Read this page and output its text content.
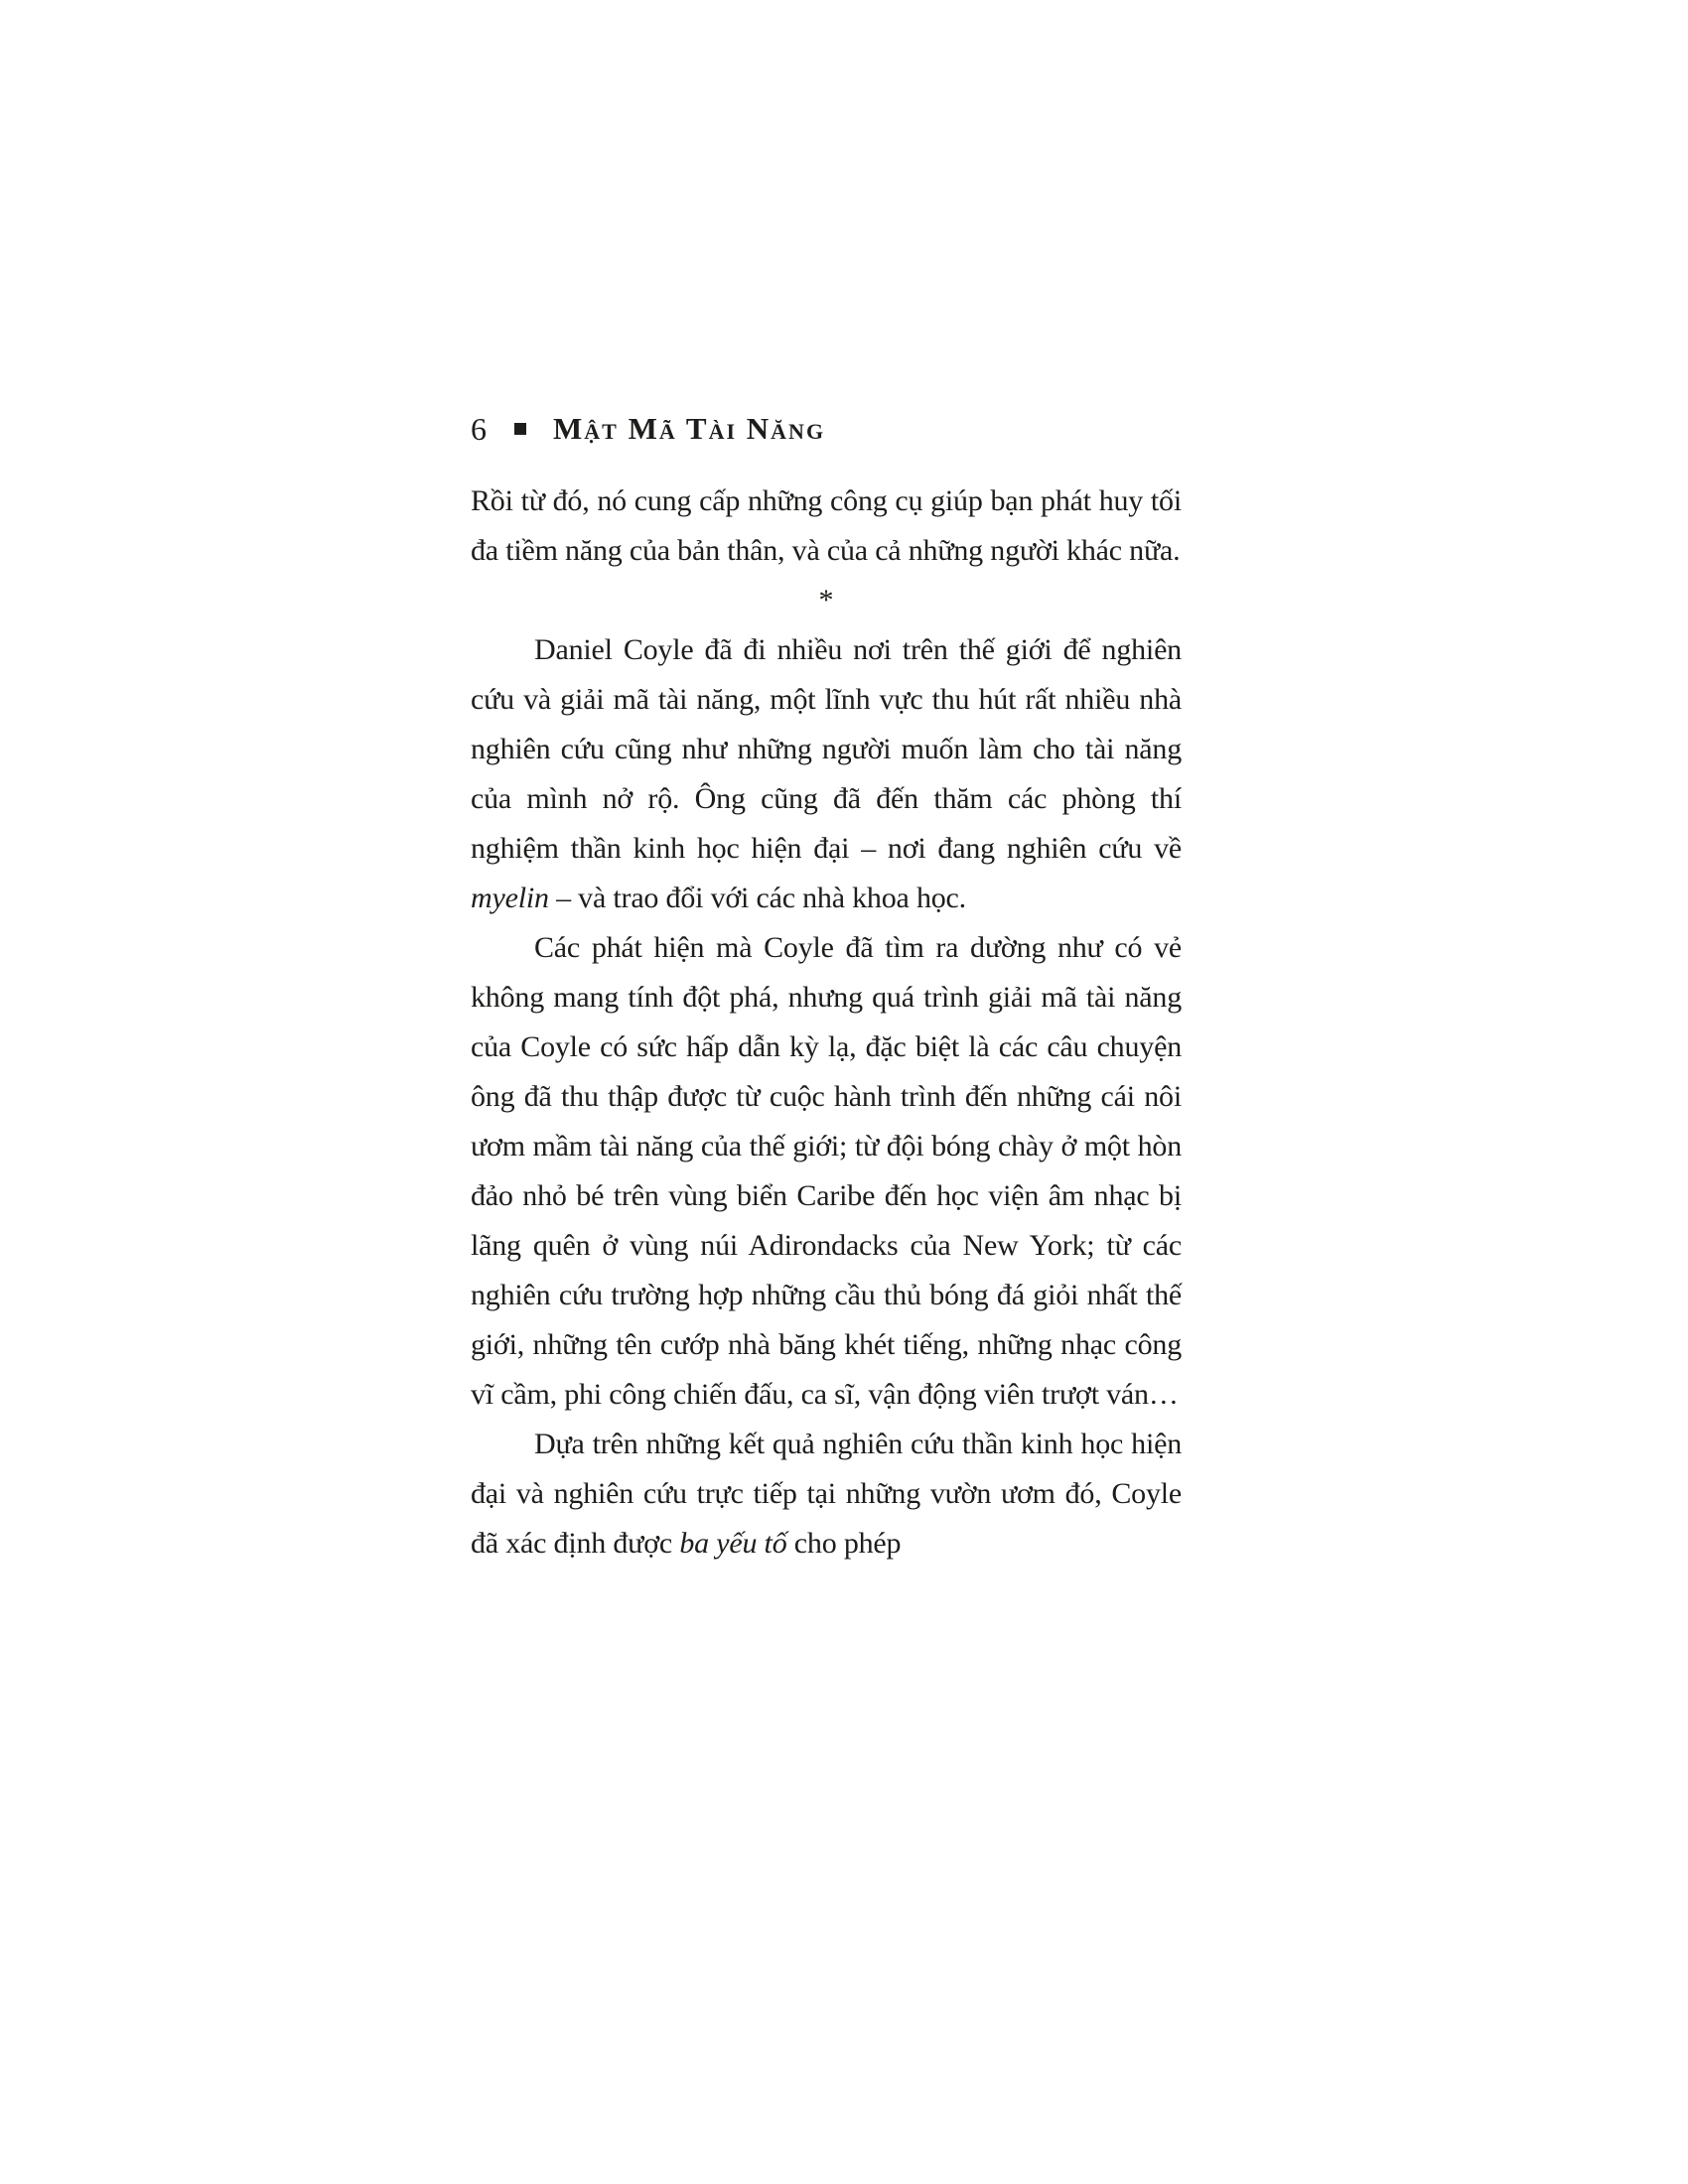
6 Mật Mã Tài Năng

Rồi từ đó, nó cung cấp những công cụ giúp bạn phát huy tối đa tiềm năng của bản thân, và của cả những người khác nữa.

*

Daniel Coyle đã đi nhiều nơi trên thế giới để nghiên cứu và giải mã tài năng, một lĩnh vực thu hút rất nhiều nhà nghiên cứu cũng như những người muốn làm cho tài năng của mình nở rộ. Ông cũng đã đến thăm các phòng thí nghiệm thần kinh học hiện đại – nơi đang nghiên cứu về myelin – và trao đổi với các nhà khoa học.

Các phát hiện mà Coyle đã tìm ra dường như có vẻ không mang tính đột phá, nhưng quá trình giải mã tài năng của Coyle có sức hấp dẫn kỳ lạ, đặc biệt là các câu chuyện ông đã thu thập được từ cuộc hành trình đến những cái nôi ươm mầm tài năng của thế giới; từ đội bóng chày ở một hòn đảo nhỏ bé trên vùng biển Caribe đến học viện âm nhạc bị lãng quên ở vùng núi Adirondacks của New York; từ các nghiên cứu trường hợp những cầu thủ bóng đá giỏi nhất thế giới, những tên cướp nhà băng khét tiếng, những nhạc công vĩ cầm, phi công chiến đấu, ca sĩ, vận động viên trượt ván…

Dựa trên những kết quả nghiên cứu thần kinh học hiện đại và nghiên cứu trực tiếp tại những vườn ươm đó, Coyle đã xác định được ba yếu tố cho phép
